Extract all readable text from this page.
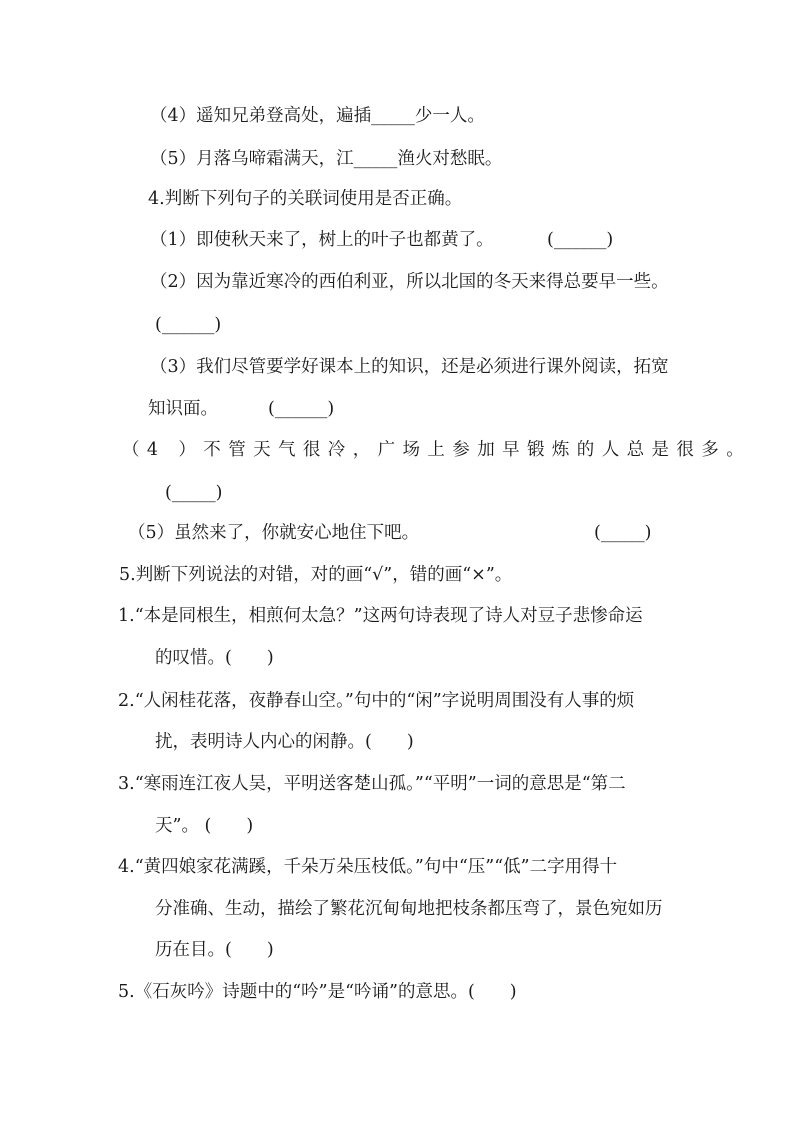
（4）遥知兄弟登高处，遍插_____少一人。
（5）月落乌啼霜满天，江_____渔火对愁眠。
4.判断下列句子的关联词使用是否正确。
（1）即使秋天来了，树上的叶子也都黄了。	(______)
（2）因为靠近寒冷的西伯利亚，所以北国的冬天来得总要早一些。
(______)
（3）我们尽管要学好课本上的知识，还是必须进行课外阅读，拓宽
知识面。	(______)
（4 ）不管天气很冷，广场上参加早锻炼的人总是很多。
(_____)
（5）虽然来了，你就安心地住下吧。	(_____)
5.判断下列说法的对错，对的画“√”，错的画“×”。
1.“本是同根生，相煎何太急？”这两句诗表现了诗人对豆子悲惨命运
的叹惜。(　　)
2.“人闲桂花落，夜静春山空。”句中的“闲”字说明周围没有人事的烦
扰，表明诗人内心的闲静。(　　)
3.“寒雨连江夜人吴，平明送客楚山孤。”“平明”一词的意思是“第二
天”。 (　　)
4.“黄四娘家花满蹊，千朵万朵压枝低。”句中“压”“低”二字用得十
分准确、生动，描绘了繁花沉甸甸地把枝条都压弯了，景色宛如历
历在目。(　　)
5.《石灰吟》诗题中的“吟”是“吟诵”的意思。(　　)
